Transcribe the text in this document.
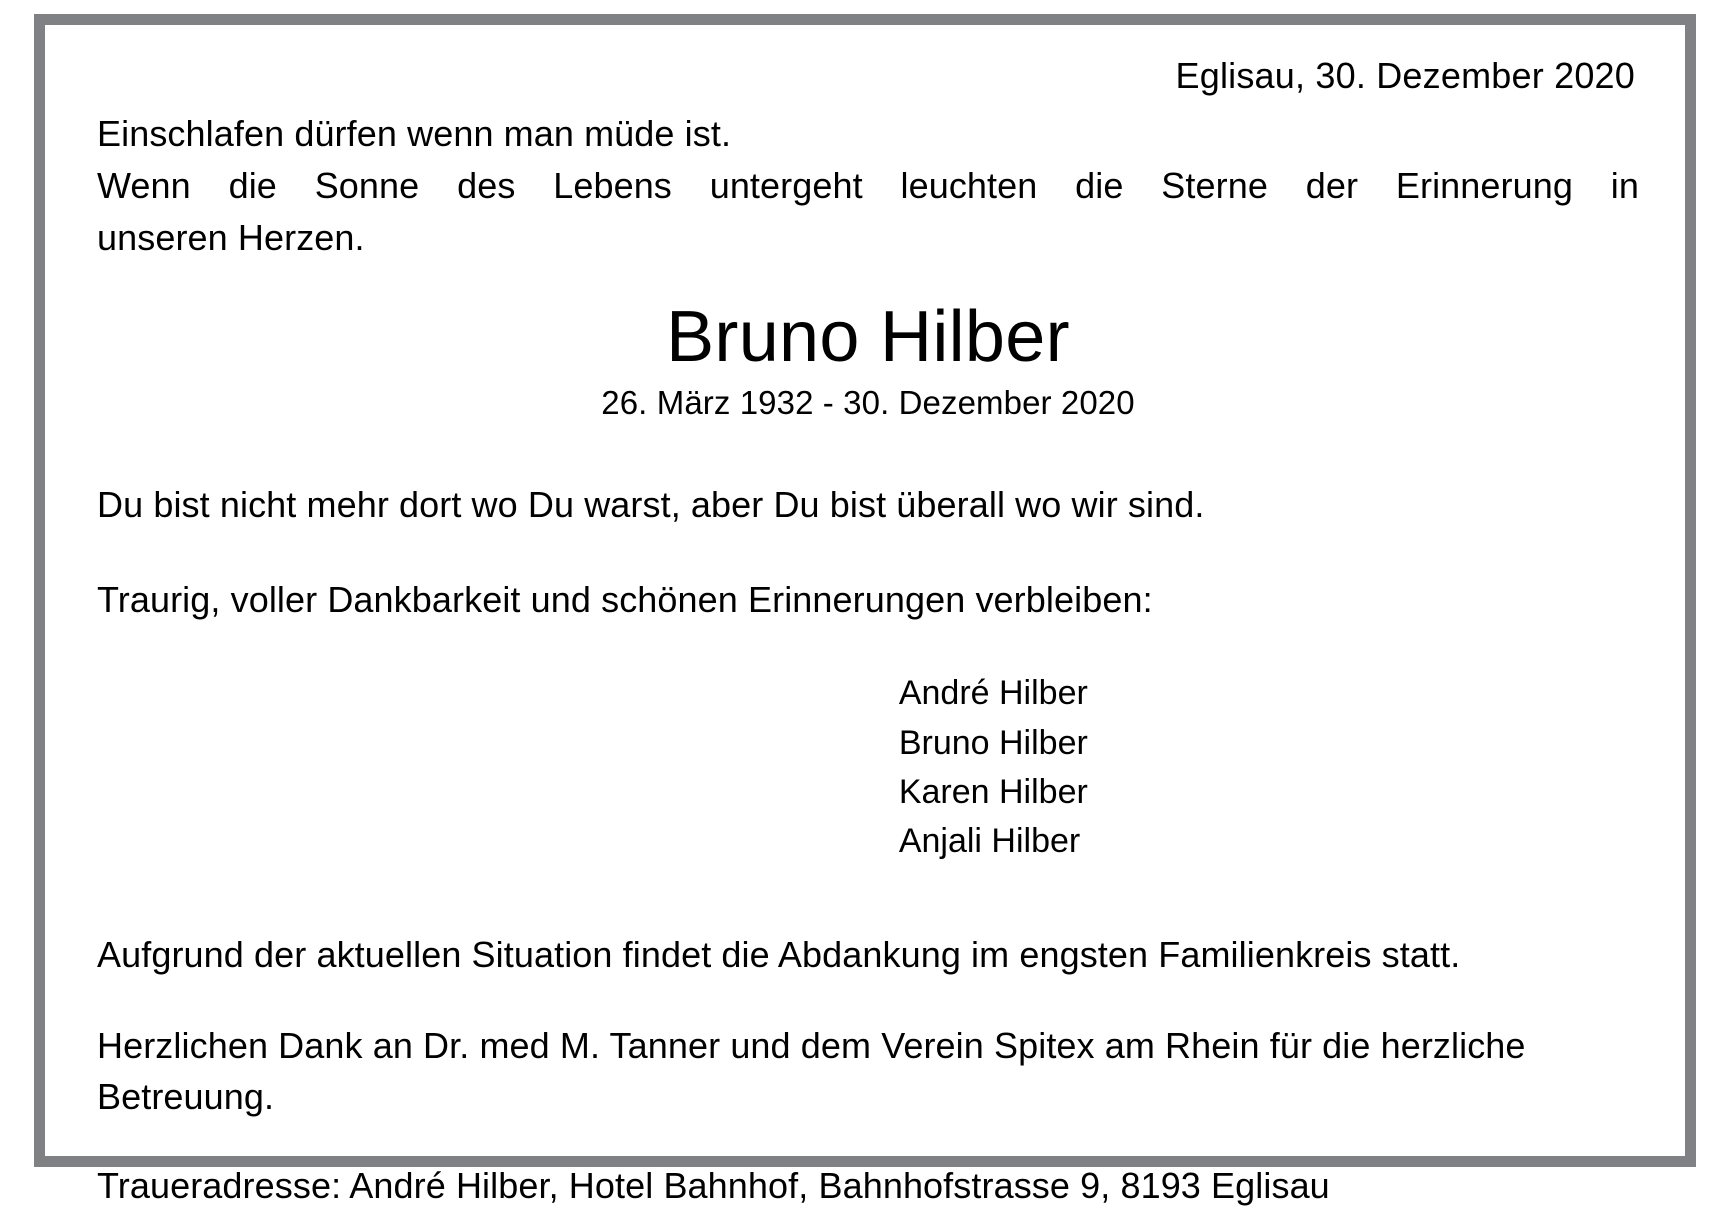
Eglisau, 30. Dezember 2020
Einschlafen dürfen wenn man müde ist.
Wenn die Sonne des Lebens untergeht leuchten die Sterne der Erinnerung in
unseren Herzen.
Bruno Hilber
26. März 1932 - 30. Dezember 2020
Du bist nicht mehr dort wo Du warst, aber Du bist überall wo wir sind.
Traurig, voller Dankbarkeit und schönen Erinnerungen verbleiben:
André Hilber
Bruno Hilber
Karen Hilber
Anjali Hilber
Aufgrund der aktuellen Situation findet die Abdankung im engsten Familienkreis statt.
Herzlichen Dank an Dr. med M. Tanner und dem Verein Spitex am Rhein für die herzliche Betreuung.
Traueradresse: André Hilber, Hotel Bahnhof, Bahnhofstrasse 9, 8193 Eglisau
